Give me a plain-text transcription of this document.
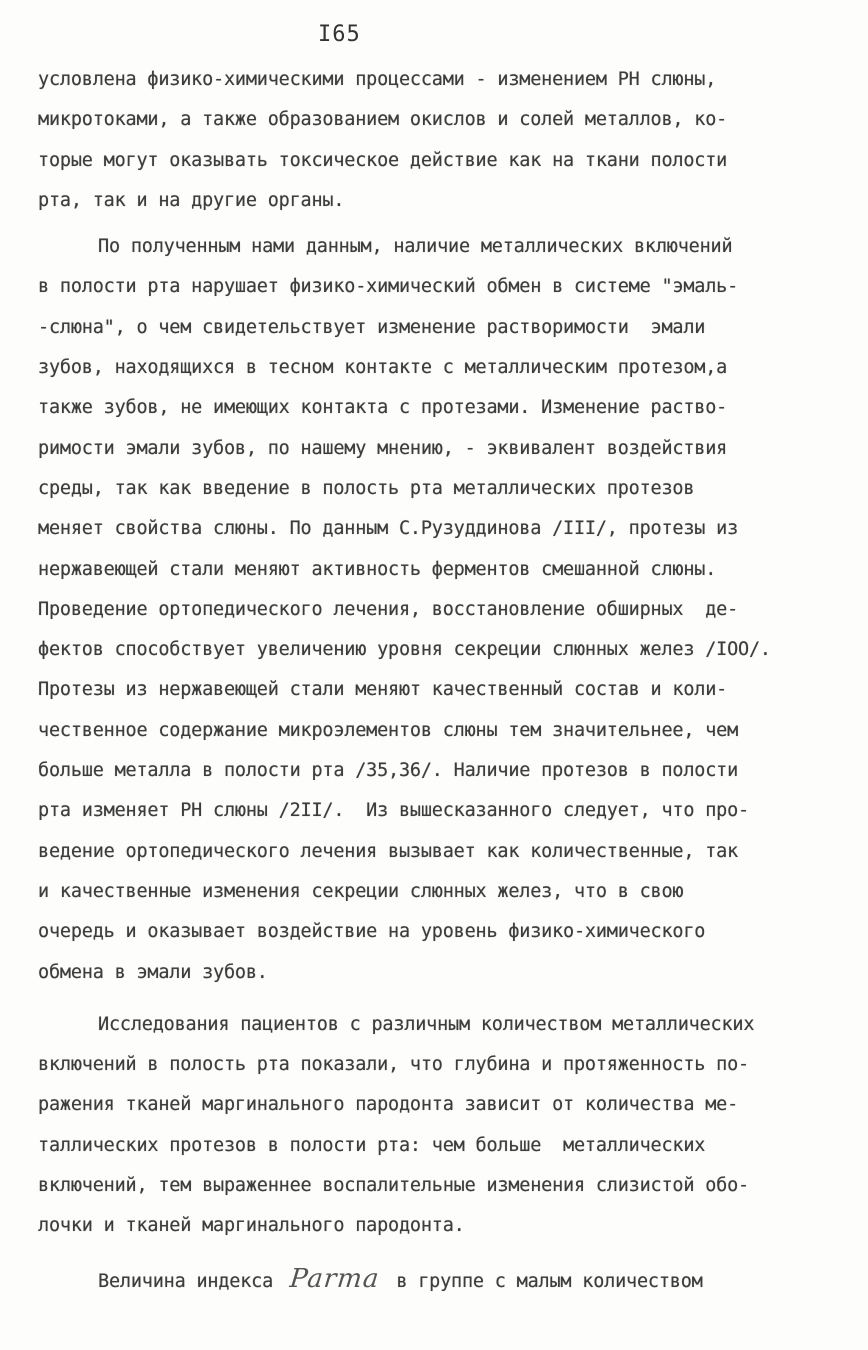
I65
условлена физико-химическими процессами - изменением РН слюны,
микротоками, а также образованием окислов и солей металлов, ко-
торые могут оказывать токсическое действие как на ткани полости
рта, так и на другие органы.
По полученным нами данным, наличие металлических включений
в полости рта нарушает физико-химический обмен в системе "эмаль-
-слюна", о чем свидетельствует изменение растворимости  эмали
зубов, находящихся в тесном контакте с металлическим протезом,а
также зубов, не имеющих контакта с протезами. Изменение раство-
римости эмали зубов, по нашему мнению, - эквивалент воздействия
среды, так как введение в полость рта металлических протезов
меняет свойства слюны. По данным С.Рузуддинова /III/, протезы из
нержавеющей стали меняют активность ферментов смешанной слюны.
Проведение ортопедического лечения, восстановление обширных  де-
фектов способствует увеличению уровня секреции слюнных желез /IOO/.
Протезы из нержавеющей стали меняют качественный состав и коли-
чественное содержание микроэлементов слюны тем значительнее, чем
больше металла в полости рта /35,36/. Наличие протезов в полости
рта изменяет РН слюны /2II/.  Из вышесказанного следует, что про-
ведение ортопедического лечения вызывает как количественные, так
и качественные изменения секреции слюнных желез, что в свою
очередь и оказывает воздействие на уровень физико-химического
обмена в эмали зубов.
Исследования пациентов с различным количеством металлических
включений в полость рта показали, что глубина и протяженность по-
ражения тканей маргинального пародонта зависит от количества ме-
таллических протезов в полости рта: чем больше  металлических
включений, тем выраженнее воспалительные изменения слизистой обо-
лочки и тканей маргинального пародонта.
Величина индекса Parma в группе с малым количеством
